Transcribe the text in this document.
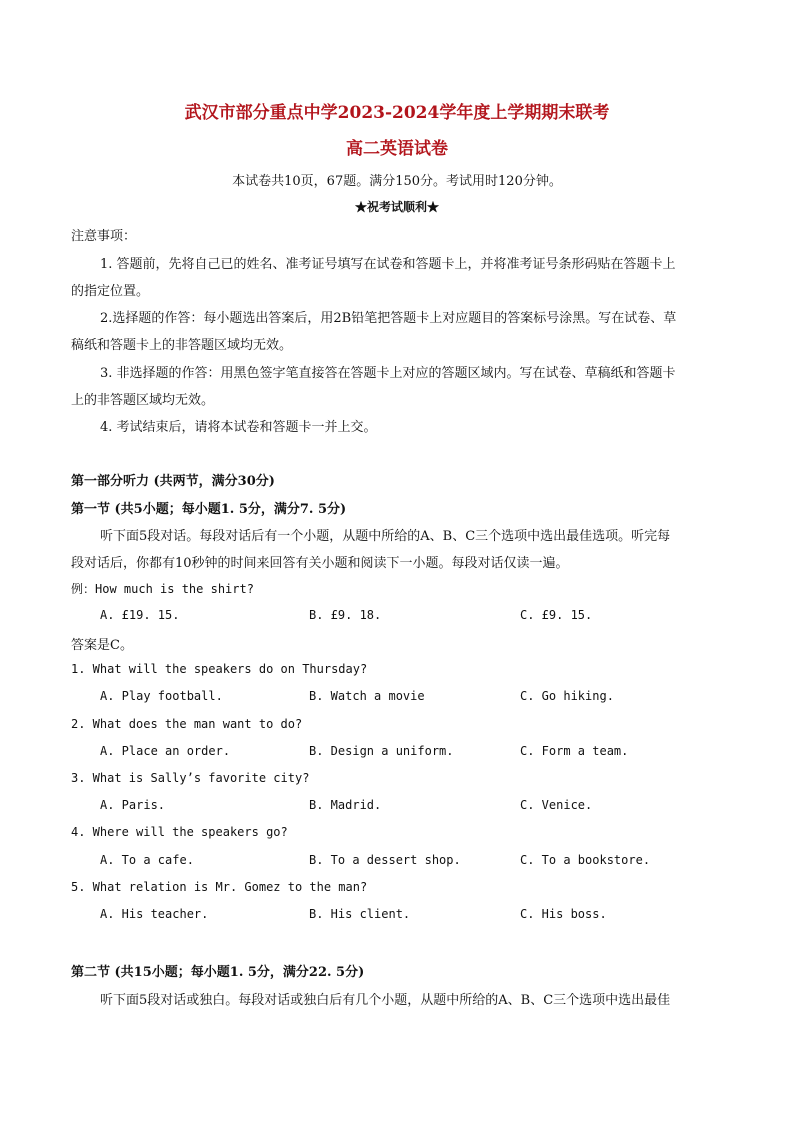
武汉市部分重点中学2023-2024学年度上学期期末联考
高二英语试卷
本试卷共10页，67题。满分150分。考试用时120分钟。
★祝考试顺利★
注意事项：
1. 答题前，先将自己已的姓名、准考证号填写在试卷和答题卡上，并将准考证号条形码贴在答题卡上
的指定位置。
2.选择题的作答：每小题选出答案后，用2B铅笔把答题卡上对应题目的答案标号涂黑。写在试卷、草
稿纸和答题卡上的非答题区域均无效。
3. 非选择题的作答：用黑色签字笔直接答在答题卡上对应的答题区域内。写在试卷、草稿纸和答题卡
上的非答题区域均无效。
4. 考试结束后，请将本试卷和答题卡一并上交。
第一部分听力 (共两节，满分30分)
第一节 (共5小题；每小题1. 5分，满分7. 5分)
听下面5段对话。每段对话后有一个小题，从题中所给的A、B、C三个选项中选出最佳选项。听完每
段对话后，你都有10秒钟的时间来回答有关小题和阅读下一小题。每段对话仅读一遍。
例：How much is the shirt?
A. £19. 15.	B. £9. 18.	C. £9. 15.
答案是C。
1. What will the speakers do on Thursday?
A. Play football.	B. Watch a movie	C. Go hiking.
2. What does the man want to do?
A. Place an order.	B. Design a uniform.	C. Form a team.
3. What is Sally’s favorite city?
A. Paris.	B. Madrid.	C. Venice.
4. Where will the speakers go?
A. To a cafe.	B. To a dessert shop.	C. To a bookstore.
5. What relation is Mr. Gomez to the man?
A. His teacher.	B. His client.	C. His boss.
第二节 (共15小题；每小题1. 5分，满分22. 5分)
听下面5段对话或独白。每段对话或独白后有几个小题，从题中所给的A、B、C三个选项中选出最佳
